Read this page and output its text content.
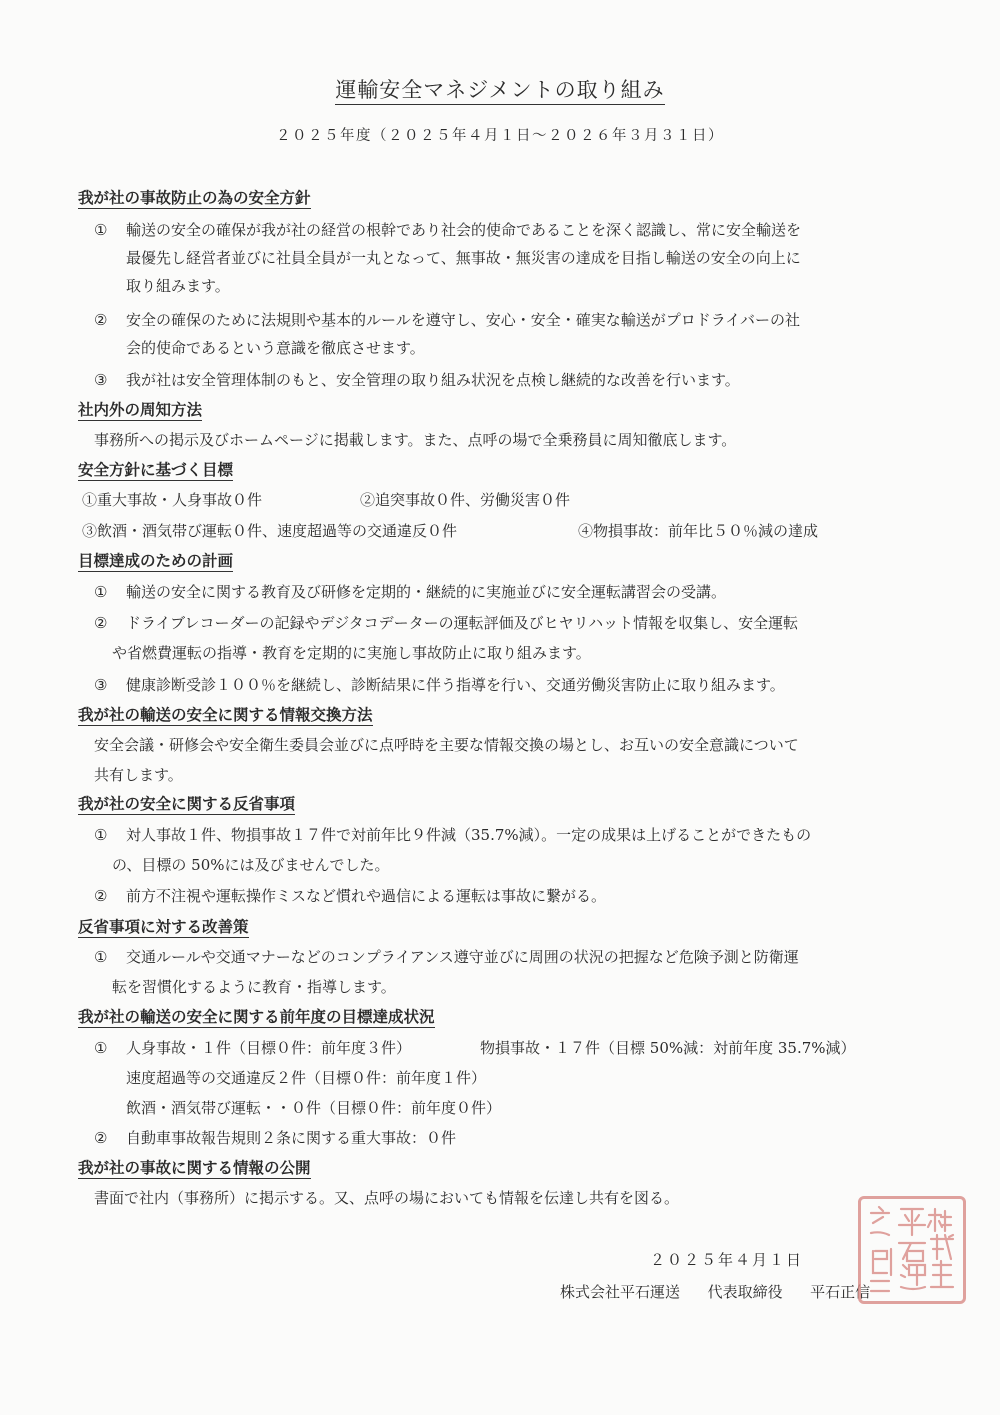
運輸安全マネジメントの取り組み
２０２５年度（２０２５年４月１日～２０２６年３月３１日）
我が社の事故防止の為の安全方針
① 輸送の安全の確保が我が社の経営の根幹であり社会的使命であることを深く認識し、常に安全輸送を
最優先し経営者並びに社員全員が一丸となって、無事故・無災害の達成を目指し輸送の安全の向上に
取り組みます。
② 安全の確保のために法規則や基本的ルールを遵守し、安心・安全・確実な輸送がプロドライバーの社
会的使命であるという意識を徹底させます。
③ 我が社は安全管理体制のもと、安全管理の取り組み状況を点検し継続的な改善を行います。
社内外の周知方法
事務所への掲示及びホームページに掲載します。また、点呼の場で全乗務員に周知徹底します。
安全方針に基づく目標
①重大事故・人身事故０件	②追突事故０件、労働災害０件
③飲酒・酒気帯び運転０件、速度超過等の交通違反０件	④物損事故：前年比５０％減の達成
目標達成のための計画
① 輸送の安全に関する教育及び研修を定期的・継続的に実施並びに安全運転講習会の受講。
② ドライブレコーダーの記録やデジタコデーターの運転評価及びヒヤリハット情報を収集し、安全運転
や省燃費運転の指導・教育を定期的に実施し事故防止に取り組みます。
③ 健康診断受診１００％を継続し、診断結果に伴う指導を行い、交通労働災害防止に取り組みます。
我が社の輸送の安全に関する情報交換方法
安全会議・研修会や安全衛生委員会並びに点呼時を主要な情報交換の場とし、お互いの安全意識について
共有します。
我が社の安全に関する反省事項
① 対人事故１件、物損事故１７件で対前年比９件減（35.7%減）。一定の成果は上げることができたもの
の、目標の 50%には及びませんでした。
② 前方不注視や運転操作ミスなど慣れや過信による運転は事故に繋がる。
反省事項に対する改善策
① 交通ルールや交通マナーなどのコンプライアンス遵守並びに周囲の状況の把握など危険予測と防衛運
転を習慣化するように教育・指導します。
我が社の輸送の安全に関する前年度の目標達成状況
① 人身事故・１件（目標０件：前年度３件）	物損事故・１７件（目標 50%減：対前年度 35.7%減）
速度超過等の交通違反２件（目標０件：前年度１件）
飲酒・酒気帯び運転・・０件（目標０件：前年度０件）
② 自動車事故報告規則２条に関する重大事故：０件
我が社の事故に関する情報の公開
書面で社内（事務所）に掲示する。又、点呼の場においても情報を伝達し共有を図る。
２０２５年４月１日
株式会社平石運送 代表取締役 平石正信
